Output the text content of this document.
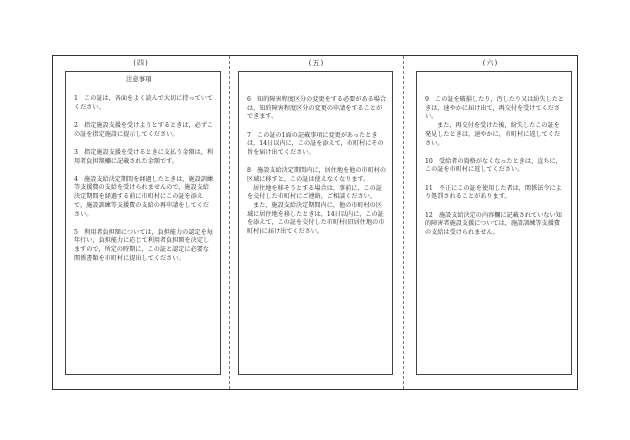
(四)
注意事項
1　この証は，各面をよく読んで大切に持っていてください。
2　指定施設支援を受けようとするときは，必ずこの証を指定施設に提示してください。
3　指定施設支援を受けるときに支払う金額は，利用者負担額欄に記載された金額です。
4　施設支給決定期間を経過したときは，施設訓練等支援費の支給を受けられませんので，施設支給決定期間を経過する前に市町村にこの証を添えて，施設訓練等支援費の支給の再申請をしてください。
5　利用者負担額については，負担能力の認定を毎年行い，負担能力に応じて利用者負担額を決定しますので，所定の時期に，この証と認定に必要な関係書類を市町村に提出してください。
(五)
6　知的障害程度区分の変更をする必要がある場合は，知的障害程度区分の変更の申請をすることができます。
7　この証の1面の記載事項に変更があったときは，14日以内に，この証を添えて，市町村にその旨を届け出てください。
8　施設支給決定期間内に，居住地を他の市町村の区域に移すと，この証は使えなくなります。
居住地を移そうとする場合は，事前に，この証を交付した市町村にご連絡，ご相談ください。
また，施設支給決定期間内に，他の市町村の区域に居住地を移したときは，14日以内に，この証を添えて，この証を交付した市町村(旧居住地の市町村)に届け出てください。
(六)
9　この証を破損したり，汚したり又は紛失したときは，速やかに届け出て，再交付を受けてください。
また，再交付を受けた後，紛失したこの証を発見したときは，速やかに，市町村に返してください。
10　受給者の資格がなくなったときは，直ちに，この証を市町村に返してください。
11　不正にこの証を使用した者は，関係法令により処罰されることがあります。
12　施設支給決定の内容欄に記載されていない知的障害者施設支援については，施設訓練等支援費の支給は受けられません。
